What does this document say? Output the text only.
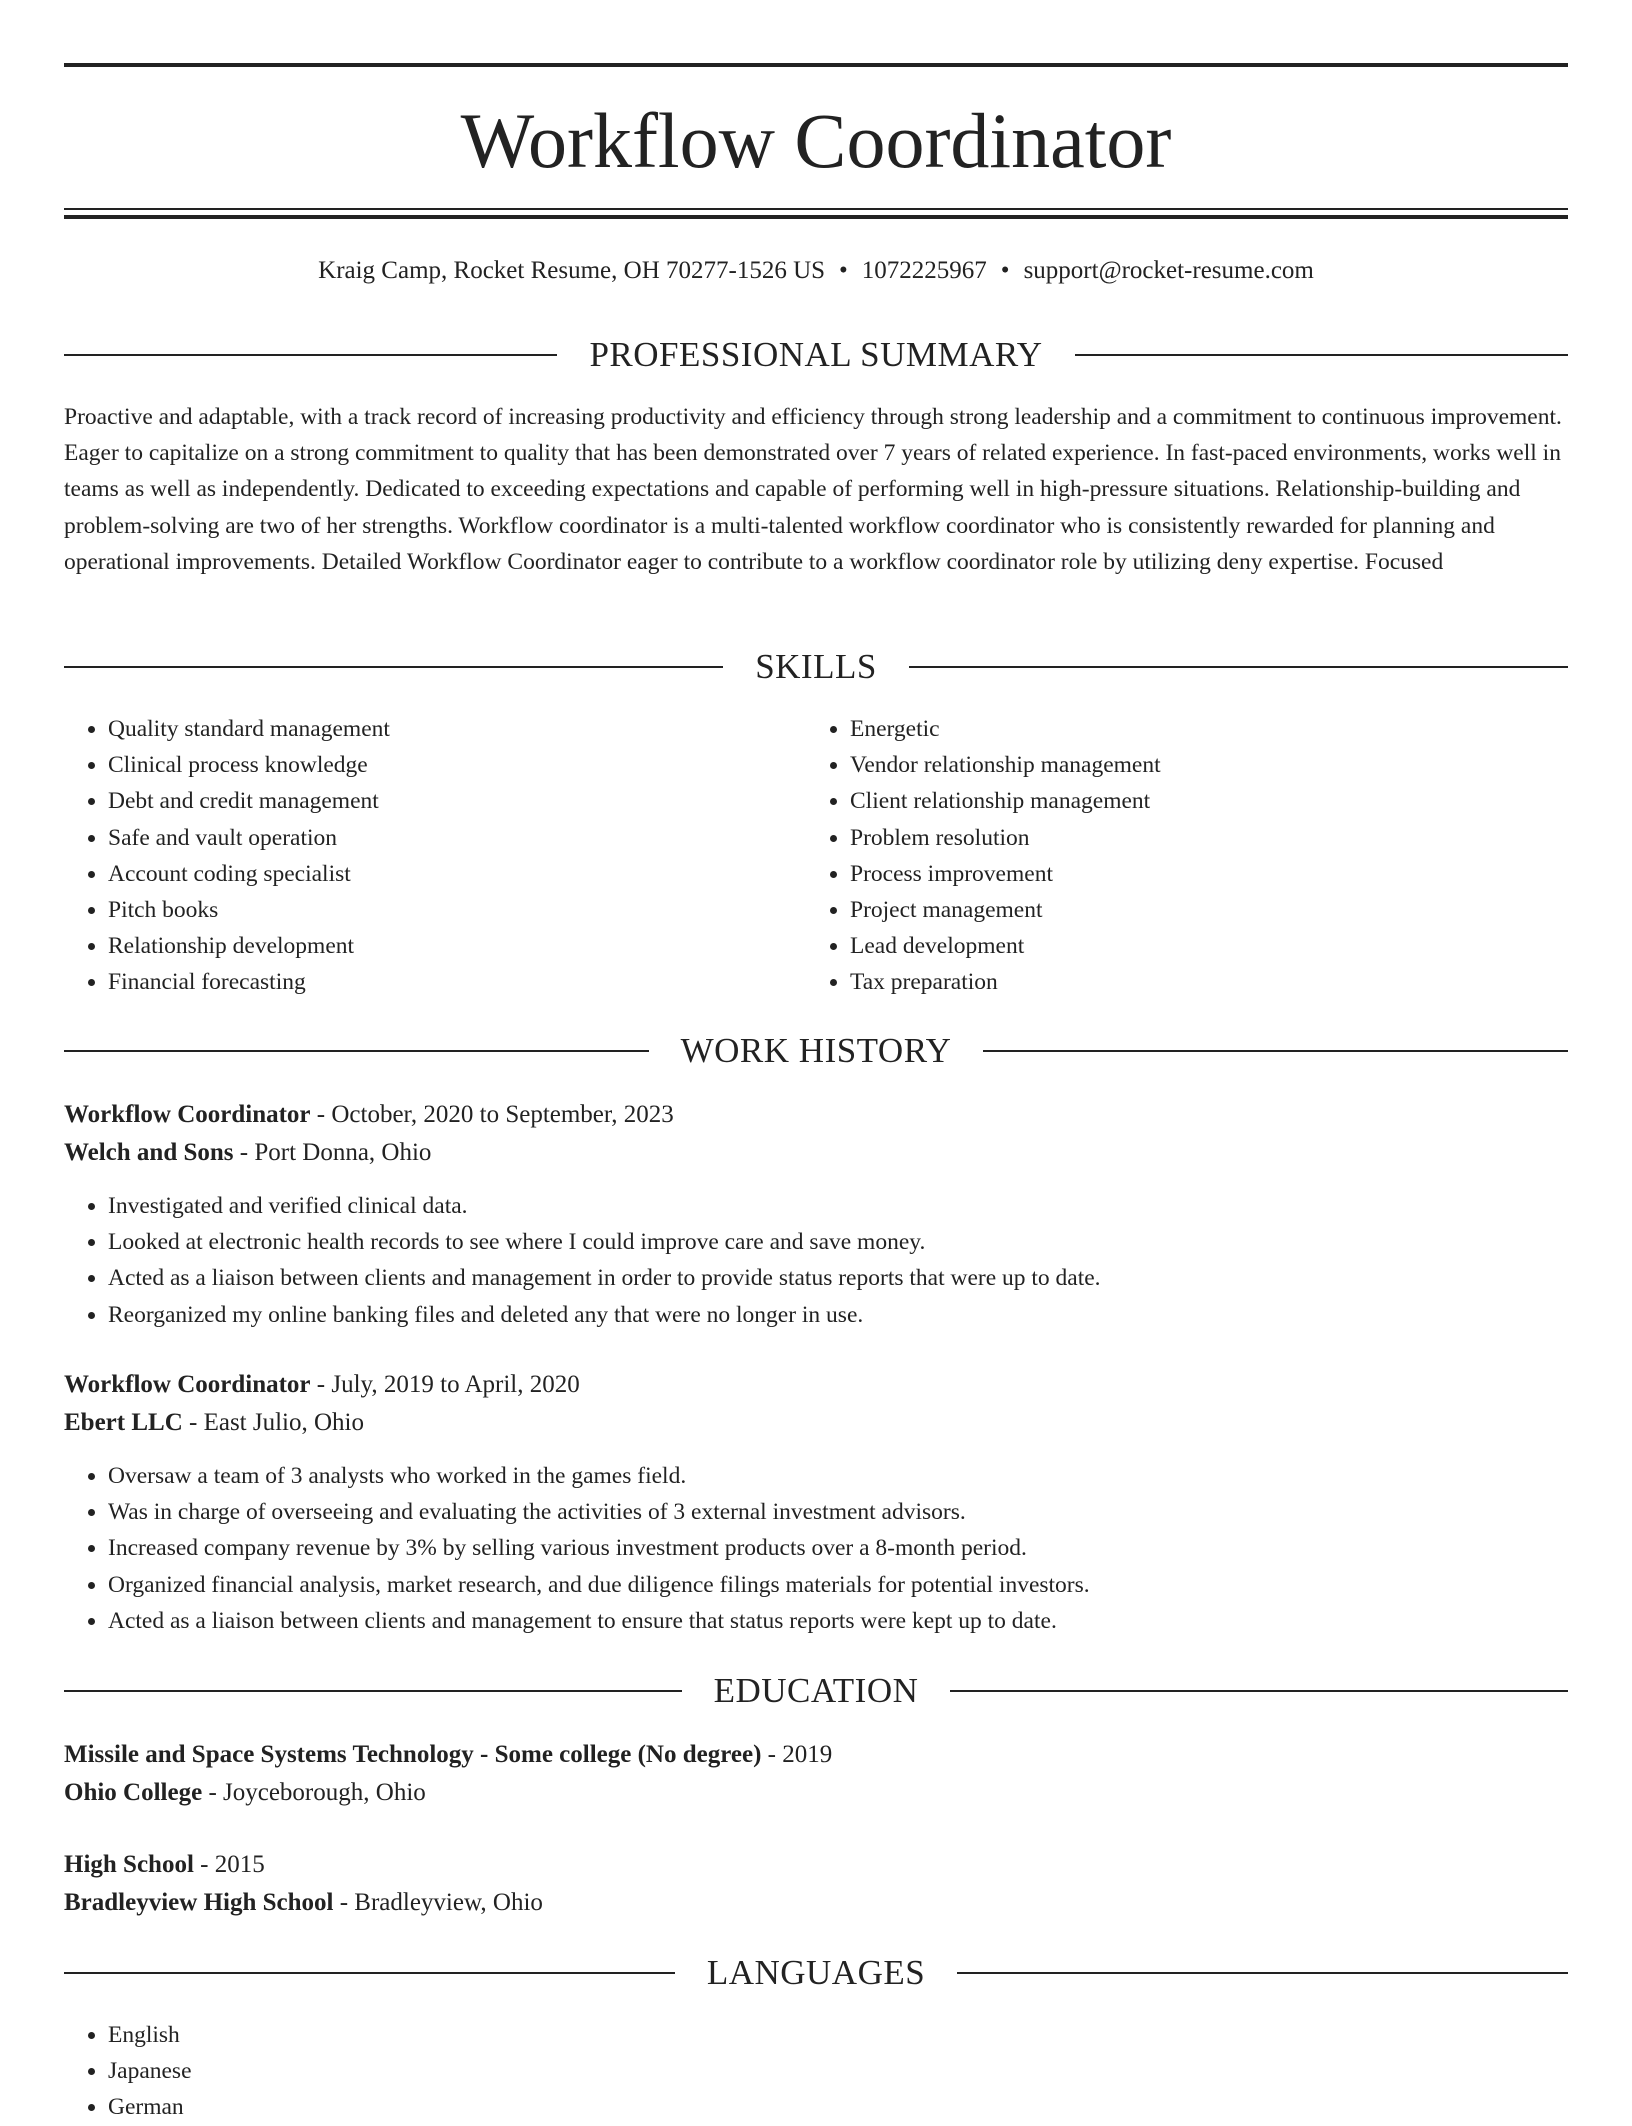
Workflow Coordinator
Kraig Camp, Rocket Resume, OH 70277-1526 US • 1072225967 • support@rocket-resume.com
PROFESSIONAL SUMMARY

Proactive and adaptable, with a track record of increasing productivity and efficiency through strong leadership and a commitment to continuous improvement. Eager to capitalize on a strong commitment to quality that has been demonstrated over 7 years of related experience. In fast-paced environments, works well in teams as well as independently. Dedicated to exceeding expectations and capable of performing well in high-pressure situations. Relationship-building and problem-solving are two of her strengths. Workflow coordinator is a multi-talented workflow coordinator who is consistently rewarded for planning and operational improvements. Detailed Workflow Coordinator eager to contribute to a workflow coordinator role by utilizing deny expertise. Focused

SKILLS
• Quality standard management
• Clinical process knowledge
• Debt and credit management
• Safe and vault operation
• Account coding specialist
• Pitch books
• Relationship development
• Financial forecasting
• Energetic
• Vendor relationship management
• Client relationship management
• Problem resolution
• Process improvement
• Project management
• Lead development
• Tax preparation
WORK HISTORY
Workflow Coordinator - October, 2020 to September, 2023
Welch and Sons - Port Donna, Ohio
• Investigated and verified clinical data.
• Looked at electronic health records to see where I could improve care and save money.
• Acted as a liaison between clients and management in order to provide status reports that were up to date.
• Reorganized my online banking files and deleted any that were no longer in use.
Workflow Coordinator - July, 2019 to April, 2020
Ebert LLC - East Julio, Ohio
• Oversaw a team of 3 analysts who worked in the games field.
• Was in charge of overseeing and evaluating the activities of 3 external investment advisors.
• Increased company revenue by 3% by selling various investment products over a 8-month period.
• Organized financial analysis, market research, and due diligence filings materials for potential investors.
• Acted as a liaison between clients and management to ensure that status reports were kept up to date.
EDUCATION
Missile and Space Systems Technology - Some college (No degree) - 2019
Ohio College - Joyceborough, Ohio
High School - 2015
Bradleyview High School - Bradleyview, Ohio
LANGUAGES
• English
• Japanese
• German
